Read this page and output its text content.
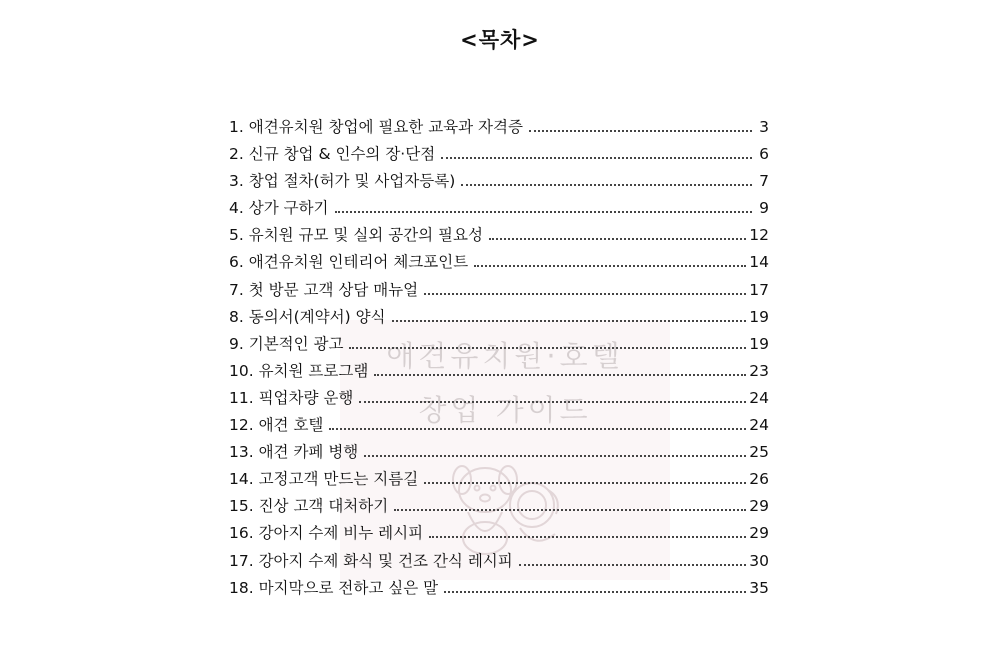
<목차>
애견유치원·호텔
창업 가이드
1. 애견유치원 창업에 필요한 교육과 자격증	3
2. 신규 창업 & 인수의 장·단점	6
3. 창업 절차(허가 및 사업자등록)	7
4. 상가 구하기	9
5. 유치원 규모 및 실외 공간의 필요성	12
6. 애견유치원 인테리어 체크포인트	14
7. 첫 방문 고객 상담 매뉴얼	17
8. 동의서(계약서) 양식	19
9. 기본적인 광고	19
10. 유치원 프로그램	23
11. 픽업차량 운행	24
12. 애견 호텔	24
13. 애견 카페 병행	25
14. 고정고객 만드는 지름길	26
15. 진상 고객 대처하기	29
16. 강아지 수제 비누 레시피	29
17. 강아지 수제 화식 및 건조 간식 레시피	30
18. 마지막으로 전하고 싶은 말	35
